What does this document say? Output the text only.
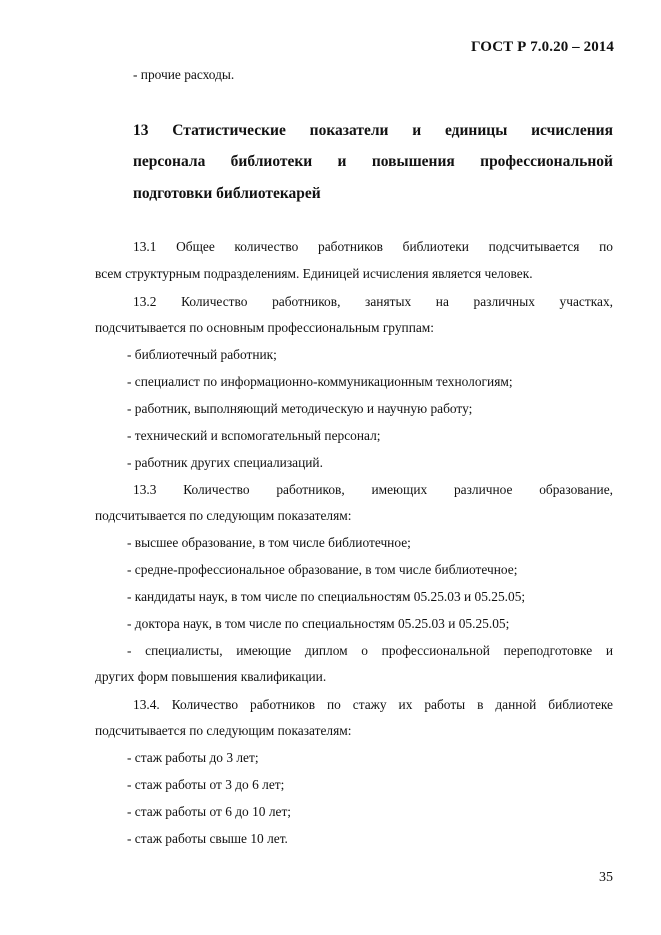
ГОСТ Р 7.0.20 – 2014
- прочие расходы.
13 Статистические показатели и единицы исчисления
персонала библиотеки и повышения профессиональной
подготовки библиотекарей
13.1 Общее количество работников библиотеки подсчитывается по
всем структурным подразделениям. Единицей исчисления является человек.
13.2 Количество работников, занятых на различных участках,
подсчитывается по основным профессиональным группам:
- библиотечный работник;
- специалист по информационно-коммуникационным технологиям;
- работник, выполняющий методическую и научную работу;
- технический и вспомогательный персонал;
- работник других специализаций.
13.3 Количество работников, имеющих различное образование,
подсчитывается по следующим показателям:
- высшее образование, в том числе библиотечное;
- средне-профессиональное образование, в том числе библиотечное;
- кандидаты наук, в том числе по специальностям 05.25.03 и 05.25.05;
- доктора наук, в том числе по специальностям 05.25.03 и 05.25.05;
- специалисты, имеющие диплом о профессиональной переподготовке и
других форм повышения квалификации.
13.4. Количество работников по стажу их работы в данной библиотеке
подсчитывается по следующим показателям:
- стаж работы до 3 лет;
- стаж работы от 3 до 6 лет;
- стаж работы от 6 до 10 лет;
- стаж работы свыше 10 лет.
35
